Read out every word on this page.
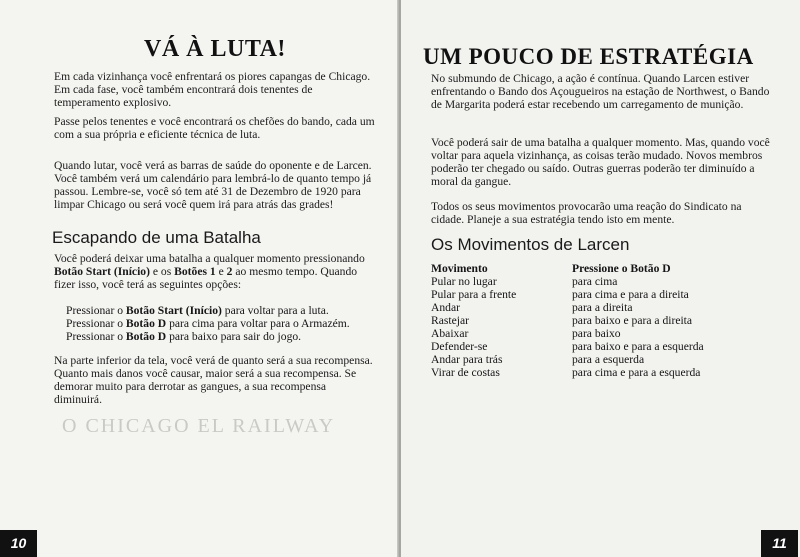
O CHICAGO EL RAILWAY
VÁ À LUTA!

Em cada vizinhança você enfrentará os piores capangas de Chicago. Em cada fase, você também encontrará dois tenentes de temperamento explosivo.

Passe pelos tenentes e você encontrará os chefões do bando, cada um com a sua própria e eficiente técnica de luta.

Quando lutar, você verá as barras de saúde do oponente e de Larcen. Você também verá um calendário para lembrá-lo de quanto tempo já passou. Lembre-se, você só tem até 31 de Dezembro de 1920 para limpar Chicago ou será você quem irá para atrás das grades!

Escapando de uma Batalha

Você poderá deixar uma batalha a qualquer momento pressionando Botão Start (Início) e os Botões 1 e 2 ao mesmo tempo. Quando fizer isso, você terá as seguintes opções:

Pressionar o Botão Start (Início) para voltar para a luta.
Pressionar o Botão D para cima para voltar para o Armazém.
Pressionar o Botão D para baixo para sair do jogo.

Na parte inferior da tela, você verá de quanto será a sua recompensa. Quanto mais danos você causar, maior será a sua recompensa. Se demorar muito para derrotar as gangues, a sua recompensa diminuirá.

10
UM POUCO DE ESTRATÉGIA

No submundo de Chicago, a ação é contínua. Quando Larcen estiver enfrentando o Bando dos Açougueiros na estação de Northwest, o Bando de Margarita poderá estar recebendo um carregamento de munição.

Você poderá sair de uma batalha a qualquer momento. Mas, quando você voltar para aquela vizinhança, as coisas terão mudado. Novos membros poderão ter chegado ou saído. Outras guerras poderão ter diminuído a moral da gangue.

Todos os seus movimentos provocarão uma reação do Sindicato na cidade. Planeje a sua estratégia tendo isto em mente.

Os Movimentos de Larcen
Movimento
Pular no lugar
Pular para a frente
Andar
Rastejar
Abaixar
Defender-se
Andar para trás
Virar de costas
Pressione o Botão D
para cima
para cima e para a direita
para a direita
para baixo e para a direita
para baixo
para baixo e para a esquerda
para a esquerda
para cima e para a esquerda
11
